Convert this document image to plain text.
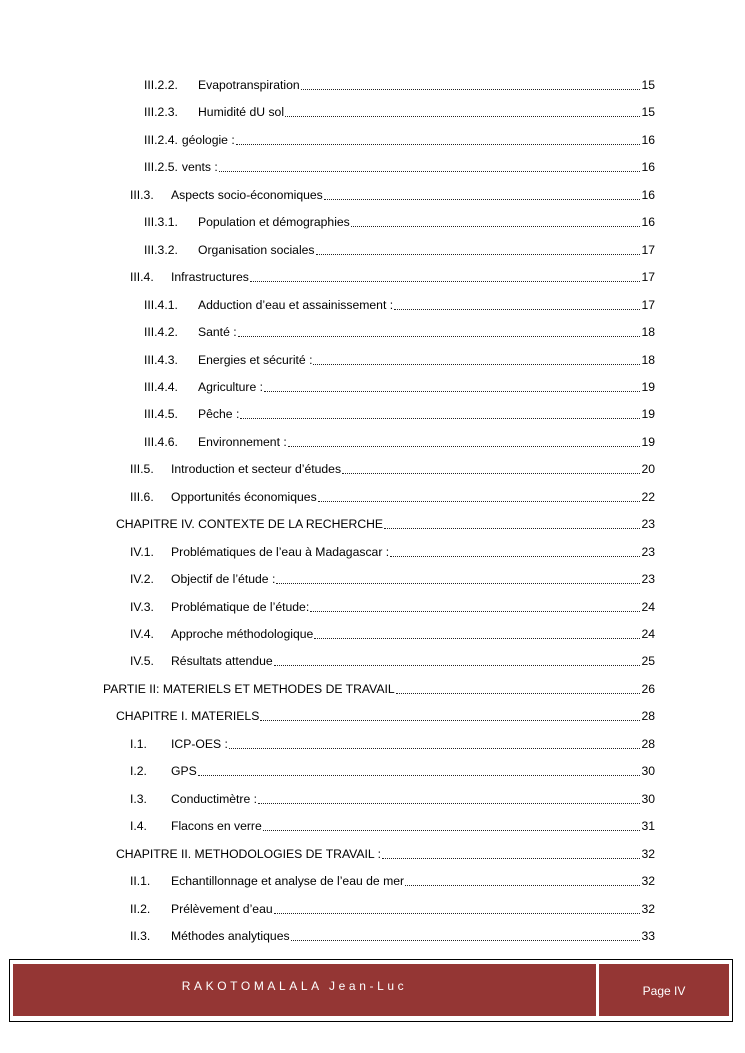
III.2.2.	Evapotranspiration	15
III.2.3.	Humidité dU sol	15
III.2.4. géologie :	16
III.2.5. vents :	16
III.3.	Aspects socio-économiques	16
III.3.1.	Population et démographies	16
III.3.2.	Organisation sociales	17
III.4.	Infrastructures	17
III.4.1.	Adduction d’eau et assainissement :	17
III.4.2.	Santé :	18
III.4.3.	Energies et sécurité :	18
III.4.4.	Agriculture :	19
III.4.5.	Pêche :	19
III.4.6.	Environnement :	19
III.5.	Introduction et secteur d’études	20
III.6.	Opportunités économiques	22
CHAPITRE IV. CONTEXTE DE LA RECHERCHE	23
IV.1.	Problématiques de l’eau à Madagascar :	23
IV.2.	Objectif de l’étude :	23
IV.3.	Problématique de l’étude:	24
IV.4.	Approche méthodologique	24
IV.5.	Résultats attendue	25
PARTIE II: MATERIELS ET METHODES DE TRAVAIL	26
CHAPITRE I. MATERIELS	28
I.1.	ICP-OES :	28
I.2.	GPS	30
I.3.	Conductimètre :	30
I.4.	Flacons en verre	31
CHAPITRE II. METHODOLOGIES DE TRAVAIL :	32
II.1.	Echantillonnage et analyse de l’eau de mer	32
II.2.	Prélèvement d’eau	32
II.3.	Méthodes analytiques	33
RAKOTOMALALA Jean-Luc	Page IV
